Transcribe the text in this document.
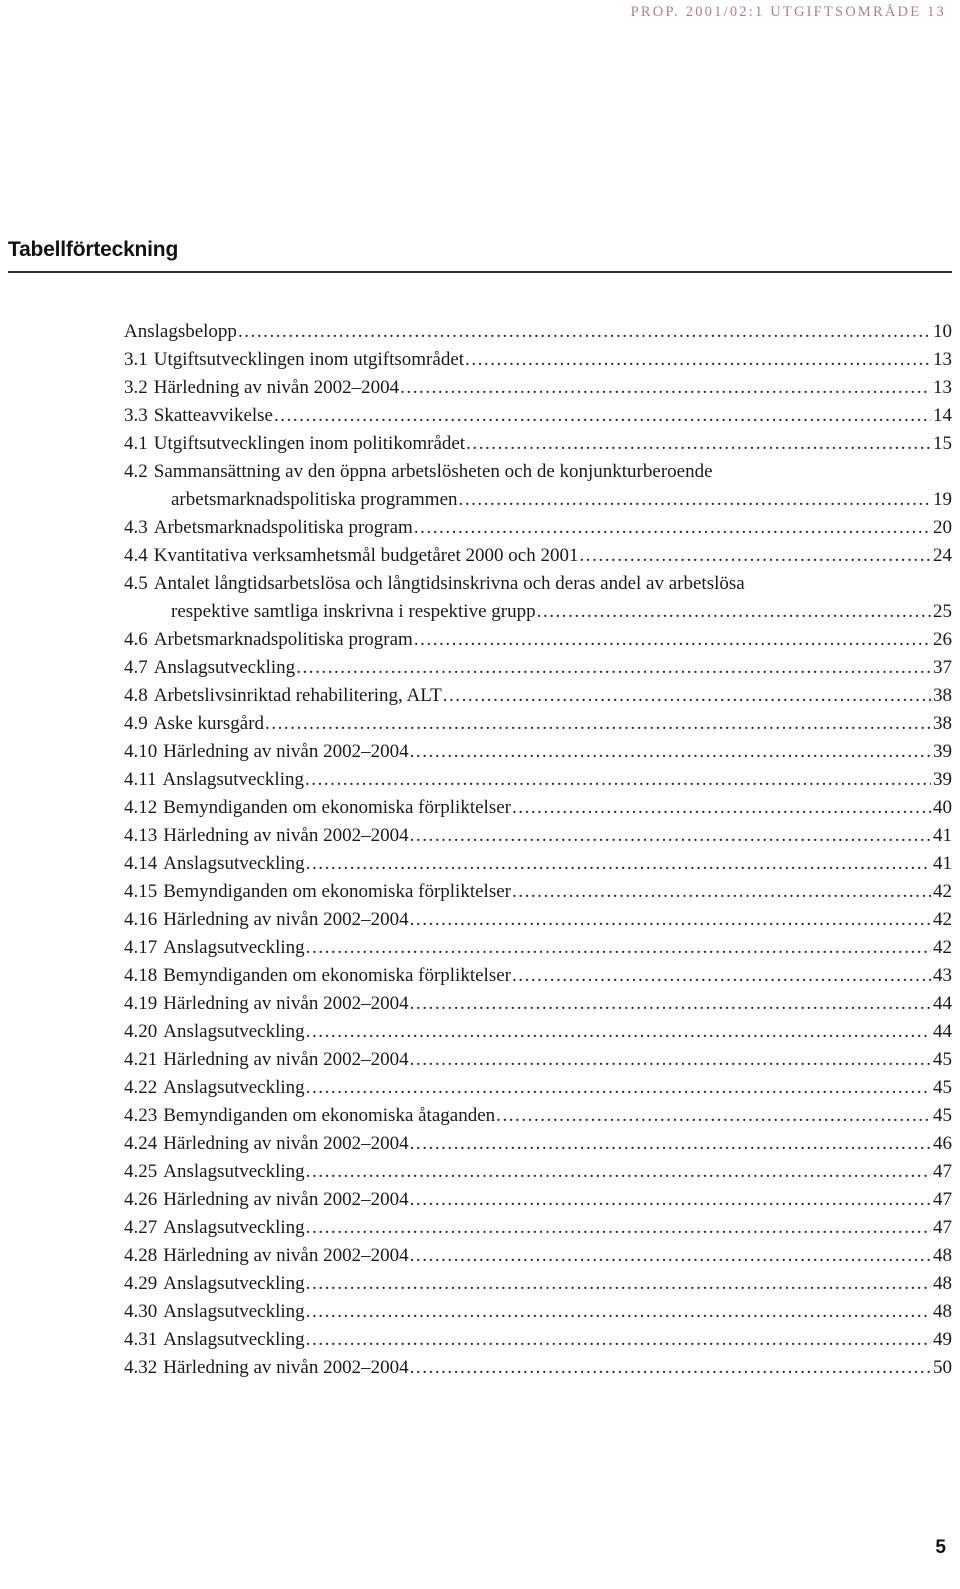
PROP. 2001/02:1 UTGIFTSOMRÅDE 13
Tabellförteckning
Anslagsbelopp . . .	10
3.1 Utgiftsutvecklingen inom utgiftsområdet . . .	13
3.2 Härledning av nivån 2002–2004 . . .	13
3.3 Skatteavvikelse . . .	14
4.1 Utgiftsutvecklingen inom politikområdet . . .	15
4.2 Sammansättning av den öppna arbetslösheten och de konjunkturberoende
arbetsmarknadspolitiska programmen . . .	19
4.3 Arbetsmarknadspolitiska program . . .	20
4.4 Kvantitativa verksamhetsmål budgetåret 2000 och 2001 . . .	24
4.5 Antalet långtidsarbetslösa och långtidsinskrivna och deras andel av arbetslösa
respektive samtliga inskrivna i respektive grupp . . .	25
4.6 Arbetsmarknadspolitiska program . . .	26
4.7 Anslagsutveckling . . .	37
4.8 Arbetslivsinriktad rehabilitering, ALT . . .	38
4.9 Aske kursgård . . .	38
4.10 Härledning av nivån 2002–2004 . . .	39
4.11 Anslagsutveckling . . .	39
4.12 Bemyndiganden om ekonomiska förpliktelser . . .	40
4.13 Härledning av nivån 2002–2004 . . .	41
4.14 Anslagsutveckling . . .	41
4.15 Bemyndiganden om ekonomiska förpliktelser . . .	42
4.16 Härledning av nivån 2002–2004 . . .	42
4.17 Anslagsutveckling . . .	42
4.18 Bemyndiganden om ekonomiska förpliktelser . . .	43
4.19 Härledning av nivån 2002–2004 . . .	44
4.20 Anslagsutveckling . . .	44
4.21 Härledning av nivån 2002–2004 . . .	45
4.22 Anslagsutveckling . . .	45
4.23 Bemyndiganden om ekonomiska åtaganden . . .	45
4.24 Härledning av nivån 2002–2004 . . .	46
4.25 Anslagsutveckling . . .	47
4.26 Härledning av nivån 2002–2004 . . .	47
4.27 Anslagsutveckling . . .	47
4.28 Härledning av nivån 2002–2004 . . .	48
4.29 Anslagsutveckling . . .	48
4.30 Anslagsutveckling . . .	48
4.31 Anslagsutveckling . . .	49
4.32 Härledning av nivån 2002–2004 . . .	50
5
